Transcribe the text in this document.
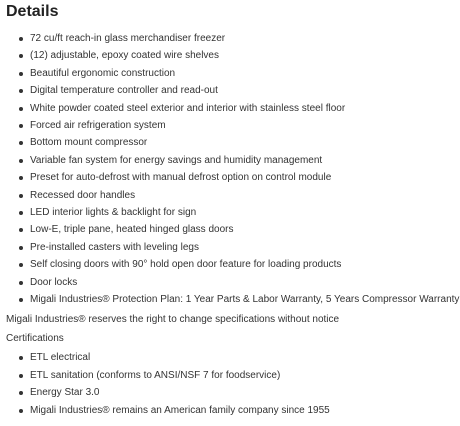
Details
72 cu/ft reach-in glass merchandiser freezer
(12) adjustable, epoxy coated wire shelves
Beautiful ergonomic construction
Digital temperature controller and read-out
White powder coated steel exterior and interior with stainless steel floor
Forced air refrigeration system
Bottom mount compressor
Variable fan system for energy savings and humidity management
Preset for auto-defrost with manual defrost option on control module
Recessed door handles
LED interior lights & backlight for sign
Low-E, triple pane, heated hinged glass doors
Pre-installed casters with leveling legs
Self closing doors with 90° hold open door feature for loading products
Door locks
Migali Industries® Protection Plan: 1 Year Parts & Labor Warranty, 5 Years Compressor Warranty

Migali Industries® reserves the right to change specifications without notice

Certifications

ETL electrical
ETL sanitation (conforms to ANSI/NSF 7 for foodservice)
Energy Star 3.0
Migali Industries® remains an American family company since 1955
